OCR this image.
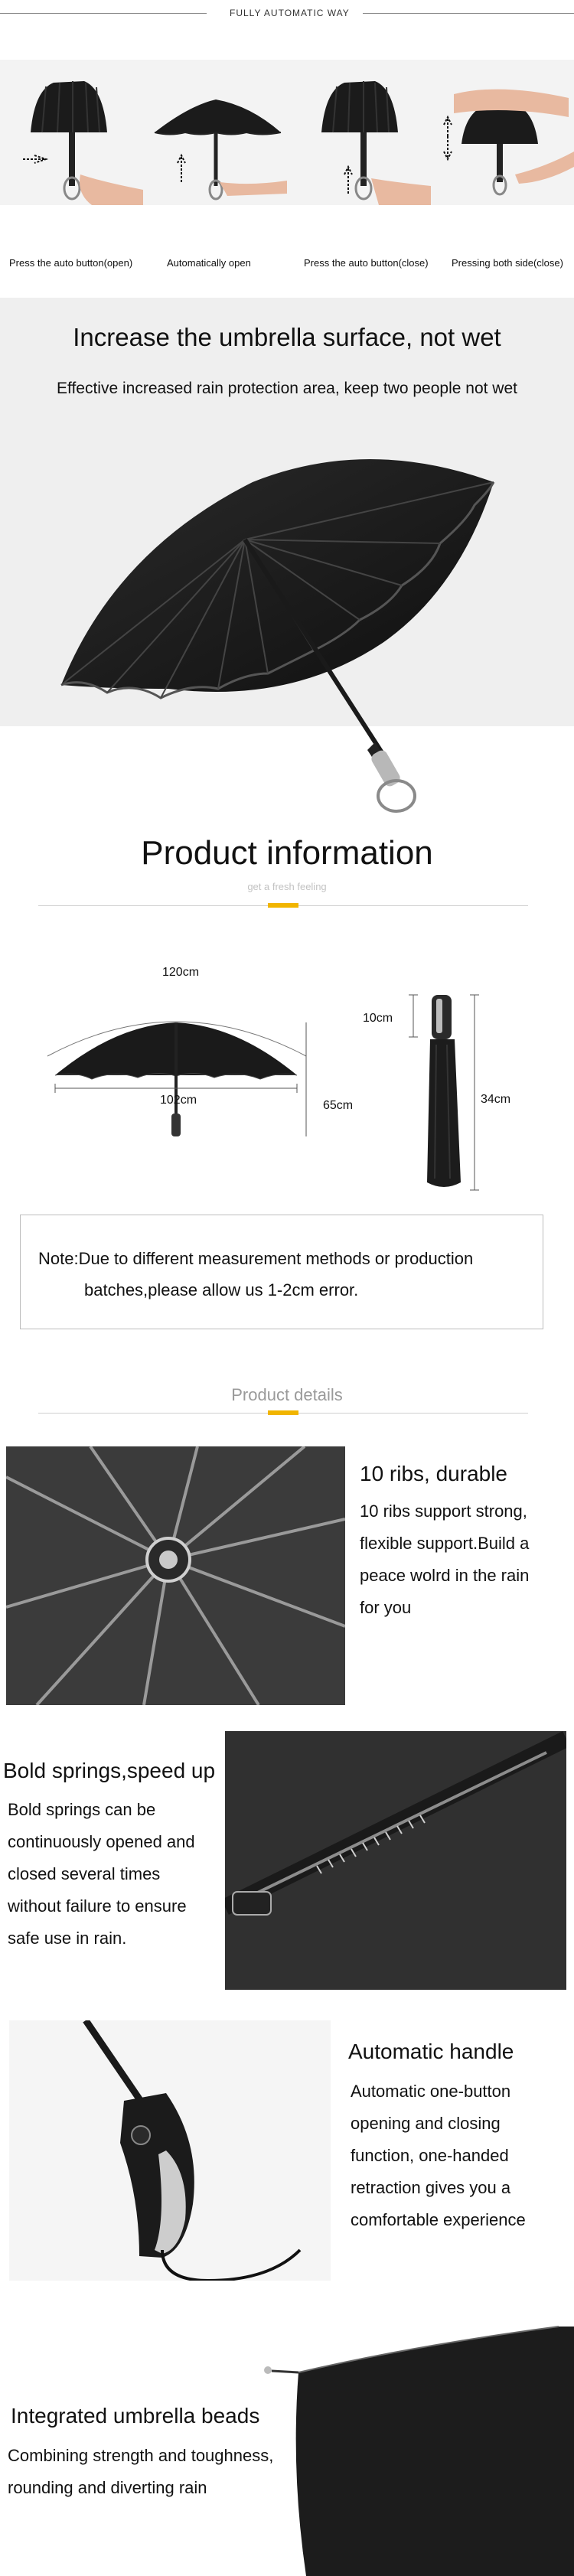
FULLY AUTOMATIC WAY
Press the auto button(open)	Automatically open	Press the auto button(close) Pressing both side(close)
Increase the umbrella surface, not wet
Effective increased rain protection area, keep two people not wet
Product information
get a fresh feeling
120cm
102cm	65cm
10cm
34cm
Note:Due to different measurement methods or production
batches,please allow us 1-2cm error.
Product details
10 ribs, durable
10 ribs support strong,
flexible support.Build a
peace wolrd in the rain
for you
Bold springs,speed up
Bold springs can be
continuously opened and
closed several times
without failure to ensure
safe use in rain.
Automatic handle
Automatic one-button
opening and closing
function, one-handed
retraction gives you a
comfortable experience
Integrated umbrella beads
Combining strength and toughness,
rounding and diverting rain
